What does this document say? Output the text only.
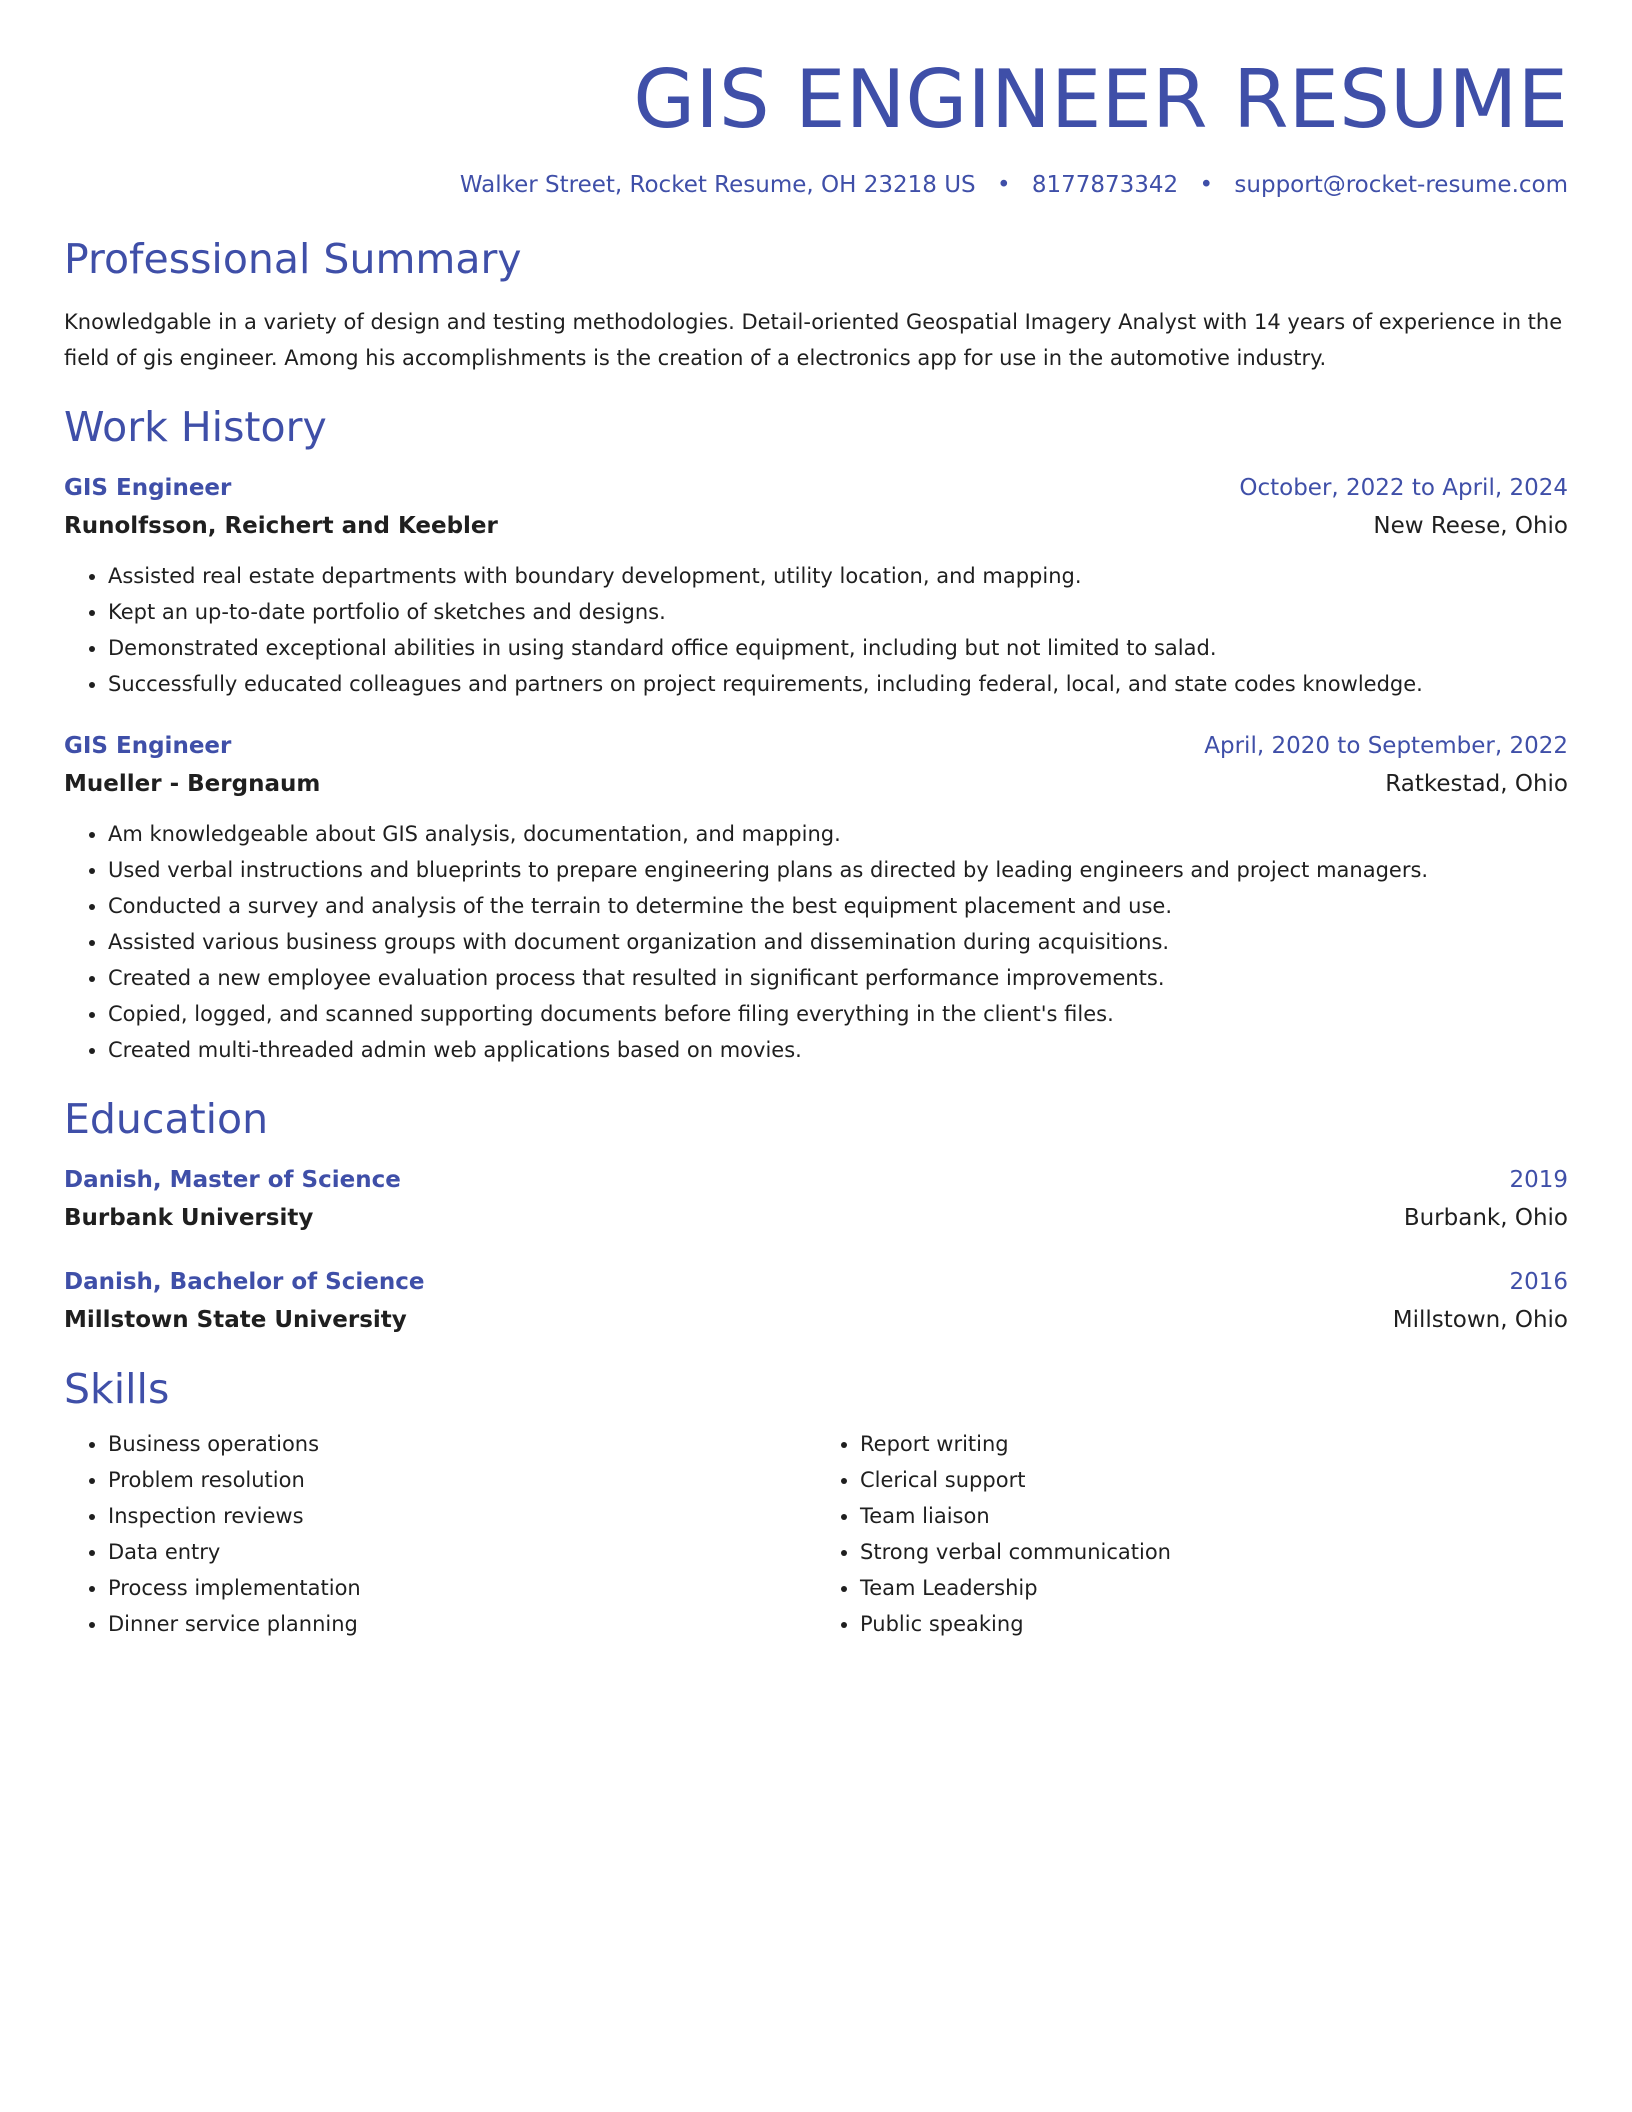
GIS ENGINEER RESUME
Walker Street, Rocket Resume, OH 23218 US • 8177873342 • support@rocket-resume.com
Professional Summary
Knowledgable in a variety of design and testing methodologies. Detail-oriented Geospatial Imagery Analyst with 14 years of experience in the field of gis engineer. Among his accomplishments is the creation of a electronics app for use in the automotive industry.
Work History
GIS Engineer	October, 2022 to April, 2024
Runolfsson, Reichert and Keebler	New Reese, Ohio
• Assisted real estate departments with boundary development, utility location, and mapping.
• Kept an up-to-date portfolio of sketches and designs.
• Demonstrated exceptional abilities in using standard office equipment, including but not limited to salad.
• Successfully educated colleagues and partners on project requirements, including federal, local, and state codes knowledge.
GIS Engineer	April, 2020 to September, 2022
Mueller - Bergnaum	Ratkestad, Ohio
• Am knowledgeable about GIS analysis, documentation, and mapping.
• Used verbal instructions and blueprints to prepare engineering plans as directed by leading engineers and project managers.
• Conducted a survey and analysis of the terrain to determine the best equipment placement and use.
• Assisted various business groups with document organization and dissemination during acquisitions.
• Created a new employee evaluation process that resulted in significant performance improvements.
• Copied, logged, and scanned supporting documents before filing everything in the client's files.
• Created multi-threaded admin web applications based on movies.
Education
Danish, Master of Science	2019
Burbank University	Burbank, Ohio
Danish, Bachelor of Science	2016
Millstown State University	Millstown, Ohio
Skills
• Business operations
• Problem resolution
• Inspection reviews
• Data entry
• Process implementation
• Dinner service planning
• Report writing
• Clerical support
• Team liaison
• Strong verbal communication
• Team Leadership
• Public speaking
